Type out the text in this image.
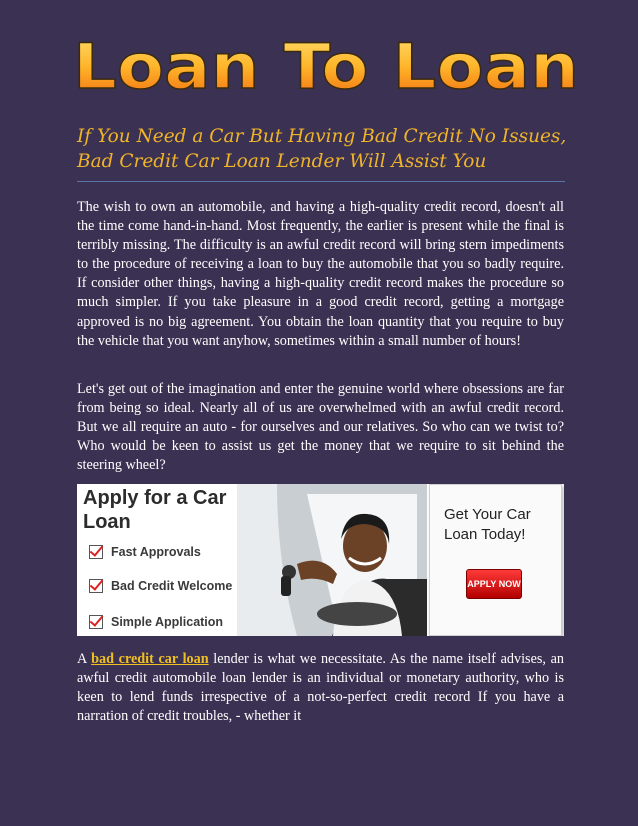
Loan To Loan
If You Need a Car But Having Bad Credit No Issues, Bad Credit Car Loan Lender Will Assist You

The wish to own an automobile, and having a high-quality credit record, doesn't all the time come hand-in-hand. Most frequently, the earlier is present while the final is terribly missing. The difficulty is an awful credit record will bring stern impediments to the procedure of receiving a loan to buy the automobile that you so badly require. If consider other things, having a high-quality credit record makes the procedure so much simpler. If you take pleasure in a good credit record, getting a mortgage approved is no big agreement. You obtain the loan quantity that you require to buy the vehicle that you want anyhow, sometimes within a small number of hours!

Let's get out of the imagination and enter the genuine world where obsessions are far from being so ideal. Nearly all of us are overwhelmed with an awful credit record. But we all require an auto - for ourselves and our relatives. So who can we twist to? Who would be keen to assist us get the money that we require to sit behind the steering wheel?

Apply for a Car Loan
Fast Approvals
Bad Credit Welcome
Simple Application
Get Your Car Loan Today!
APPLY NOW

A bad credit car loan lender is what we necessitate. As the name itself advises, an awful credit automobile loan lender is an individual or monetary authority, who is keen to lend funds irrespective of a not-so-perfect credit record If you have a narration of credit troubles, - whether it
